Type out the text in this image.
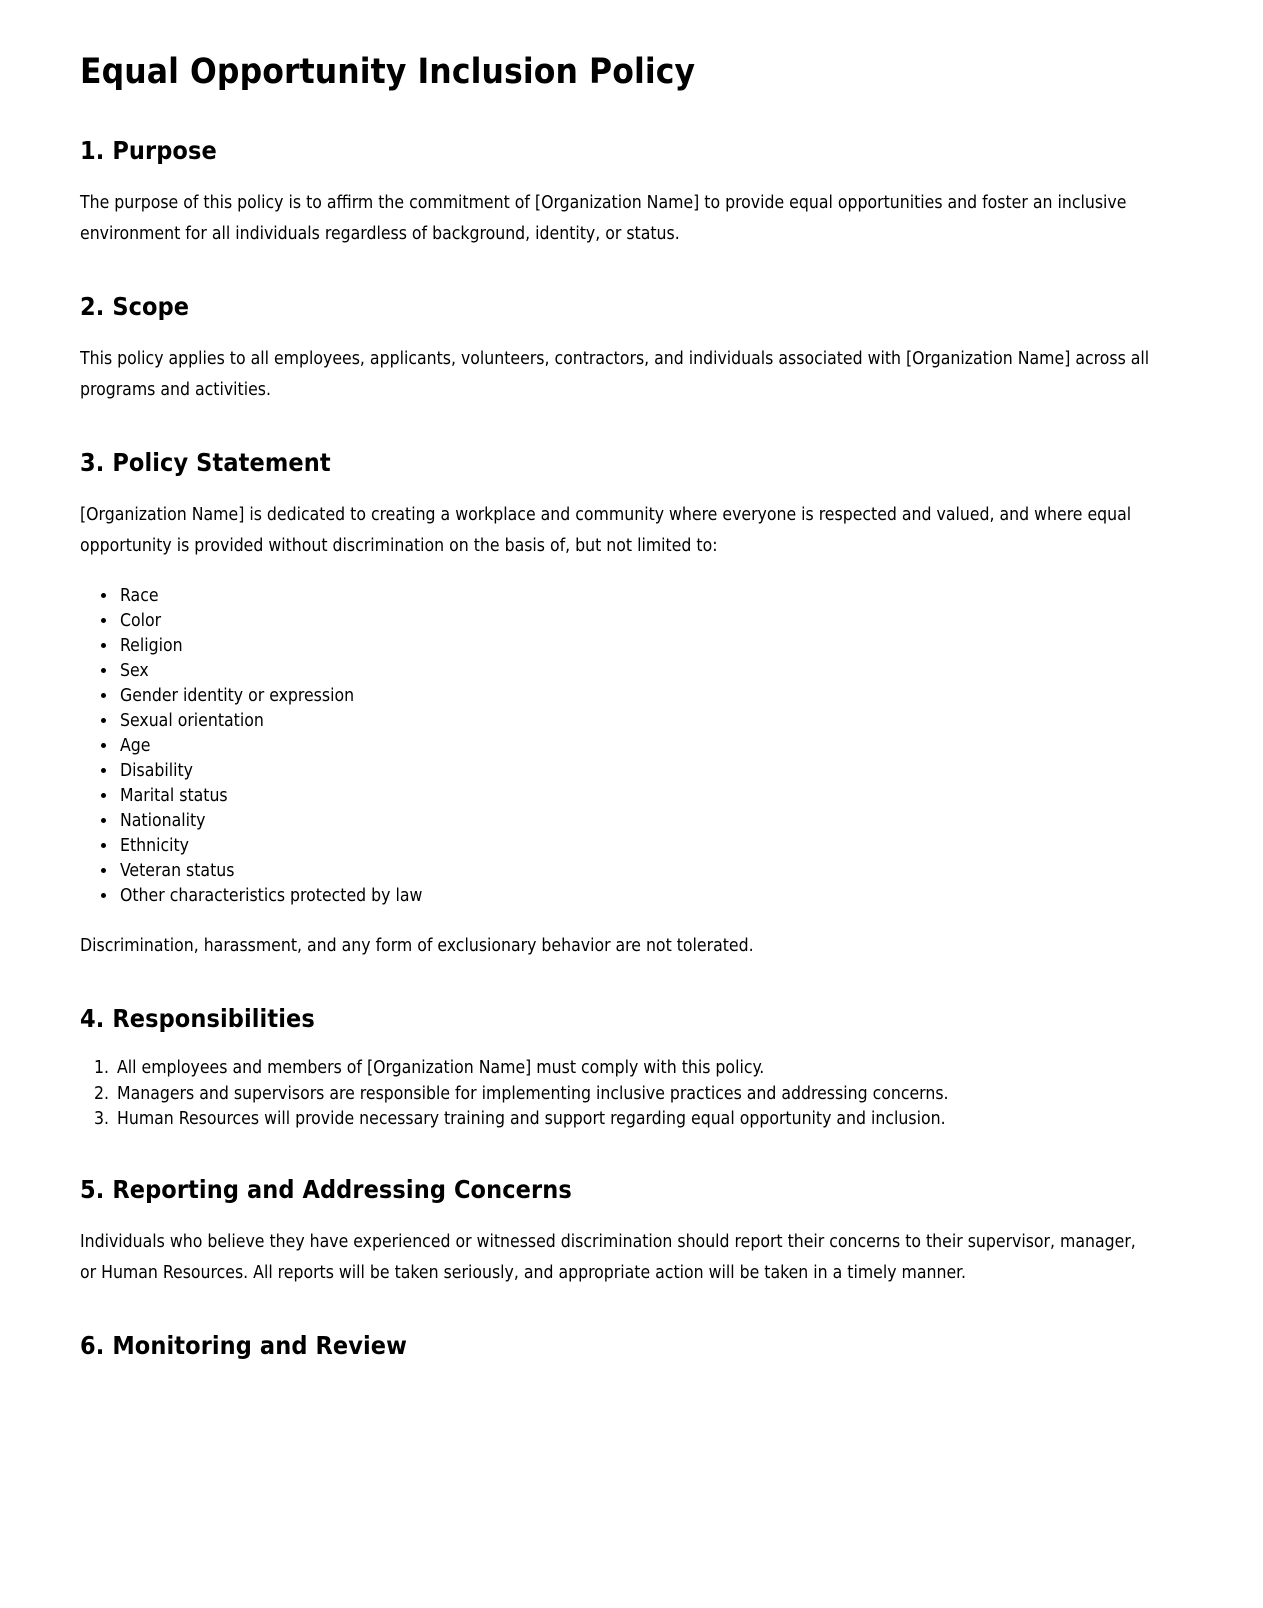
Equal Opportunity Inclusion Policy
1. Purpose

The purpose of this policy is to affirm the commitment of [Organization Name] to provide equal opportunities and foster an inclusive environment for all individuals regardless of background, identity, or status.

2. Scope

This policy applies to all employees, applicants, volunteers, contractors, and individuals associated with [Organization Name] across all programs and activities.

3. Policy Statement

[Organization Name] is dedicated to creating a workplace and community where everyone is respected and valued, and where equal opportunity is provided without discrimination on the basis of, but not limited to:

• Race
• Color
• Religion
• Sex
• Gender identity or expression
• Sexual orientation
• Age
• Disability
• Marital status
• Nationality
• Ethnicity
• Veteran status
• Other characteristics protected by law

Discrimination, harassment, and any form of exclusionary behavior are not tolerated.

4. Responsibilities
1. All employees and members of [Organization Name] must comply with this policy.
2. Managers and supervisors are responsible for implementing inclusive practices and addressing concerns.
3. Human Resources will provide necessary training and support regarding equal opportunity and inclusion.
5. Reporting and Addressing Concerns

Individuals who believe they have experienced or witnessed discrimination should report their concerns to their supervisor, manager, or Human Resources. All reports will be taken seriously, and appropriate action will be taken in a timely manner.

6. Monitoring and Review
